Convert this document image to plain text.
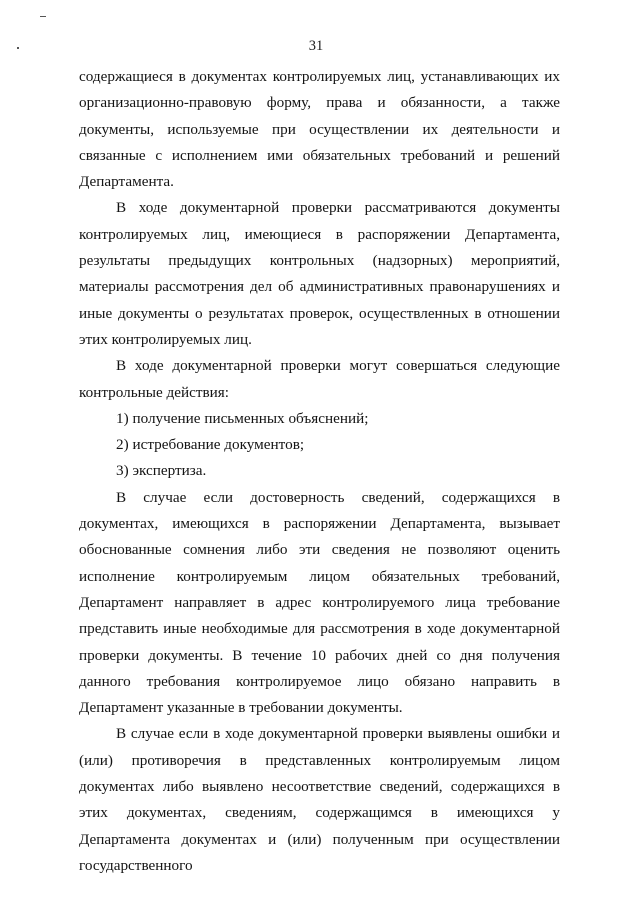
31

содержащиеся в документах контролируемых лиц, устанавливающих их организационно-правовую форму, права и обязанности, а также документы, используемые при осуществлении их деятельности и связанные с исполнением ими обязательных требований и решений Департамента.

В ходе документарной проверки рассматриваются документы контролируемых лиц, имеющиеся в распоряжении Департамента, результаты предыдущих контрольных (надзорных) мероприятий, материалы рассмотрения дел об административных правонарушениях и иные документы о результатах проверок, осуществленных в отношении этих контролируемых лиц.

В ходе документарной проверки могут совершаться следующие контрольные действия:

1) получение письменных объяснений;

2) истребование документов;

3) экспертиза.

В случае если достоверность сведений, содержащихся в документах, имеющихся в распоряжении Департамента, вызывает обоснованные сомнения либо эти сведения не позволяют оценить исполнение контролируемым лицом обязательных требований, Департамент направляет в адрес контролируемого лица требование представить иные необходимые для рассмотрения в ходе документарной проверки документы. В течение 10 рабочих дней со дня получения данного требования контролируемое лицо обязано направить в Департамент указанные в требовании документы.

В случае если в ходе документарной проверки выявлены ошибки и (или) противоречия в представленных контролируемым лицом документах либо выявлено несоответствие сведений, содержащихся в этих документах, сведениям, содержащимся в имеющихся у Департамента документах и (или) полученным при осуществлении государственного
